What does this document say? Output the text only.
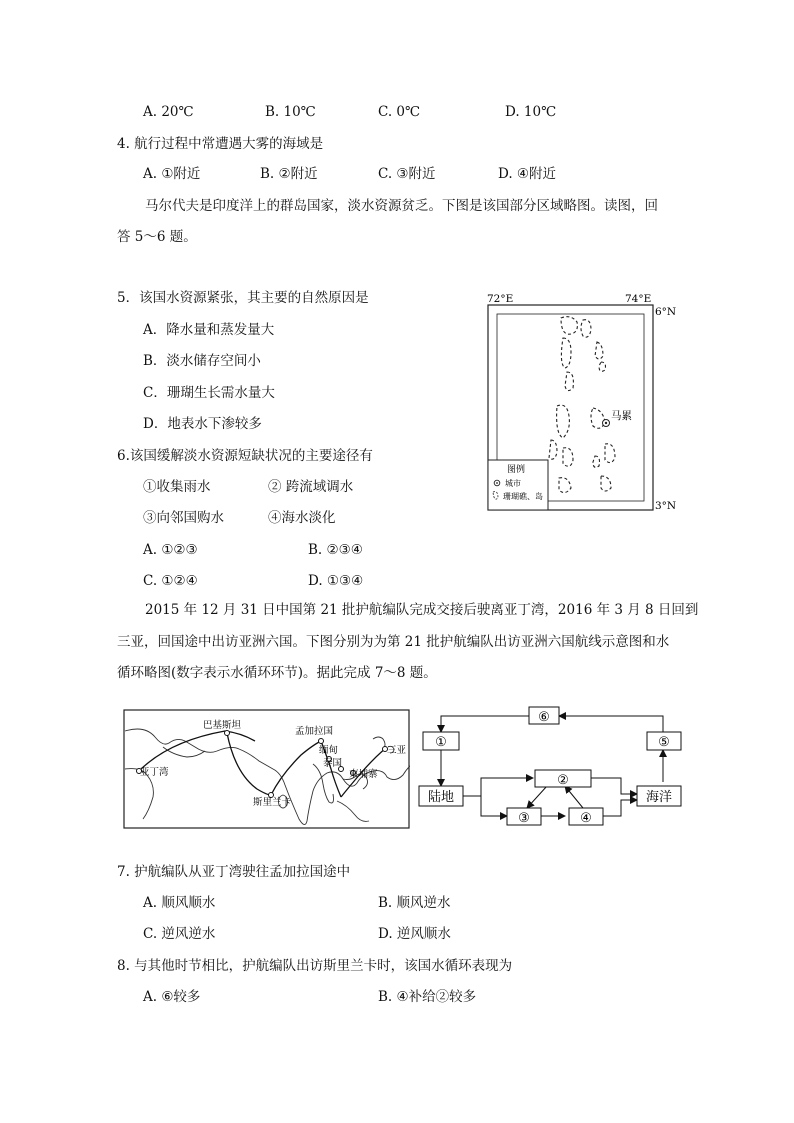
A. 20℃	B. 10℃	C. 0℃	D. 10℃
4. 航行过程中常遭遇大雾的海域是
A. ①附近	B. ②附近	C. ③附近	D. ④附近
马尔代夫是印度洋上的群岛国家，淡水资源贫乏。下图是该国部分区域略图。读图，回
答 5～6 题。
5．该国水资源紧张，其主要的自然原因是
A．降水量和蒸发量大
B．淡水储存空间小
C．珊瑚生长需水量大
D．地表水下渗较多
6.该国缓解淡水资源短缺状况的主要途径有
①收集雨水	② 跨流域调水
③向邻国购水	④海水淡化
A. ①②③	B. ②③④
C. ①②④	D. ①③④
72°E	74°E
6°N
3°N
马累
图例
城市
珊瑚礁、岛
2015 年 12 月 31 日中国第 21 批护航编队完成交接后驶离亚丁湾，2016 年 3 月 8 日回到
三亚，回国途中出访亚洲六国。下图分别为为第 21 批护航编队出访亚洲六国航线示意图和水
循环略图(数字表示水循环环节)。据此完成 7～8 题。
巴基斯坦
孟加拉国
缅甸
泰国
柬埔寨
三亚
亚丁湾
斯里兰卡
①
⑥
⑤
陆地
②
③	④
海洋
7. 护航编队从亚丁湾驶往孟加拉国途中
A. 顺风顺水	B. 顺风逆水
C. 逆风逆水	D. 逆风顺水
8. 与其他时节相比，护航编队出访斯里兰卡时，该国水循环表现为
A. ⑥较多	B. ④补给②较多
